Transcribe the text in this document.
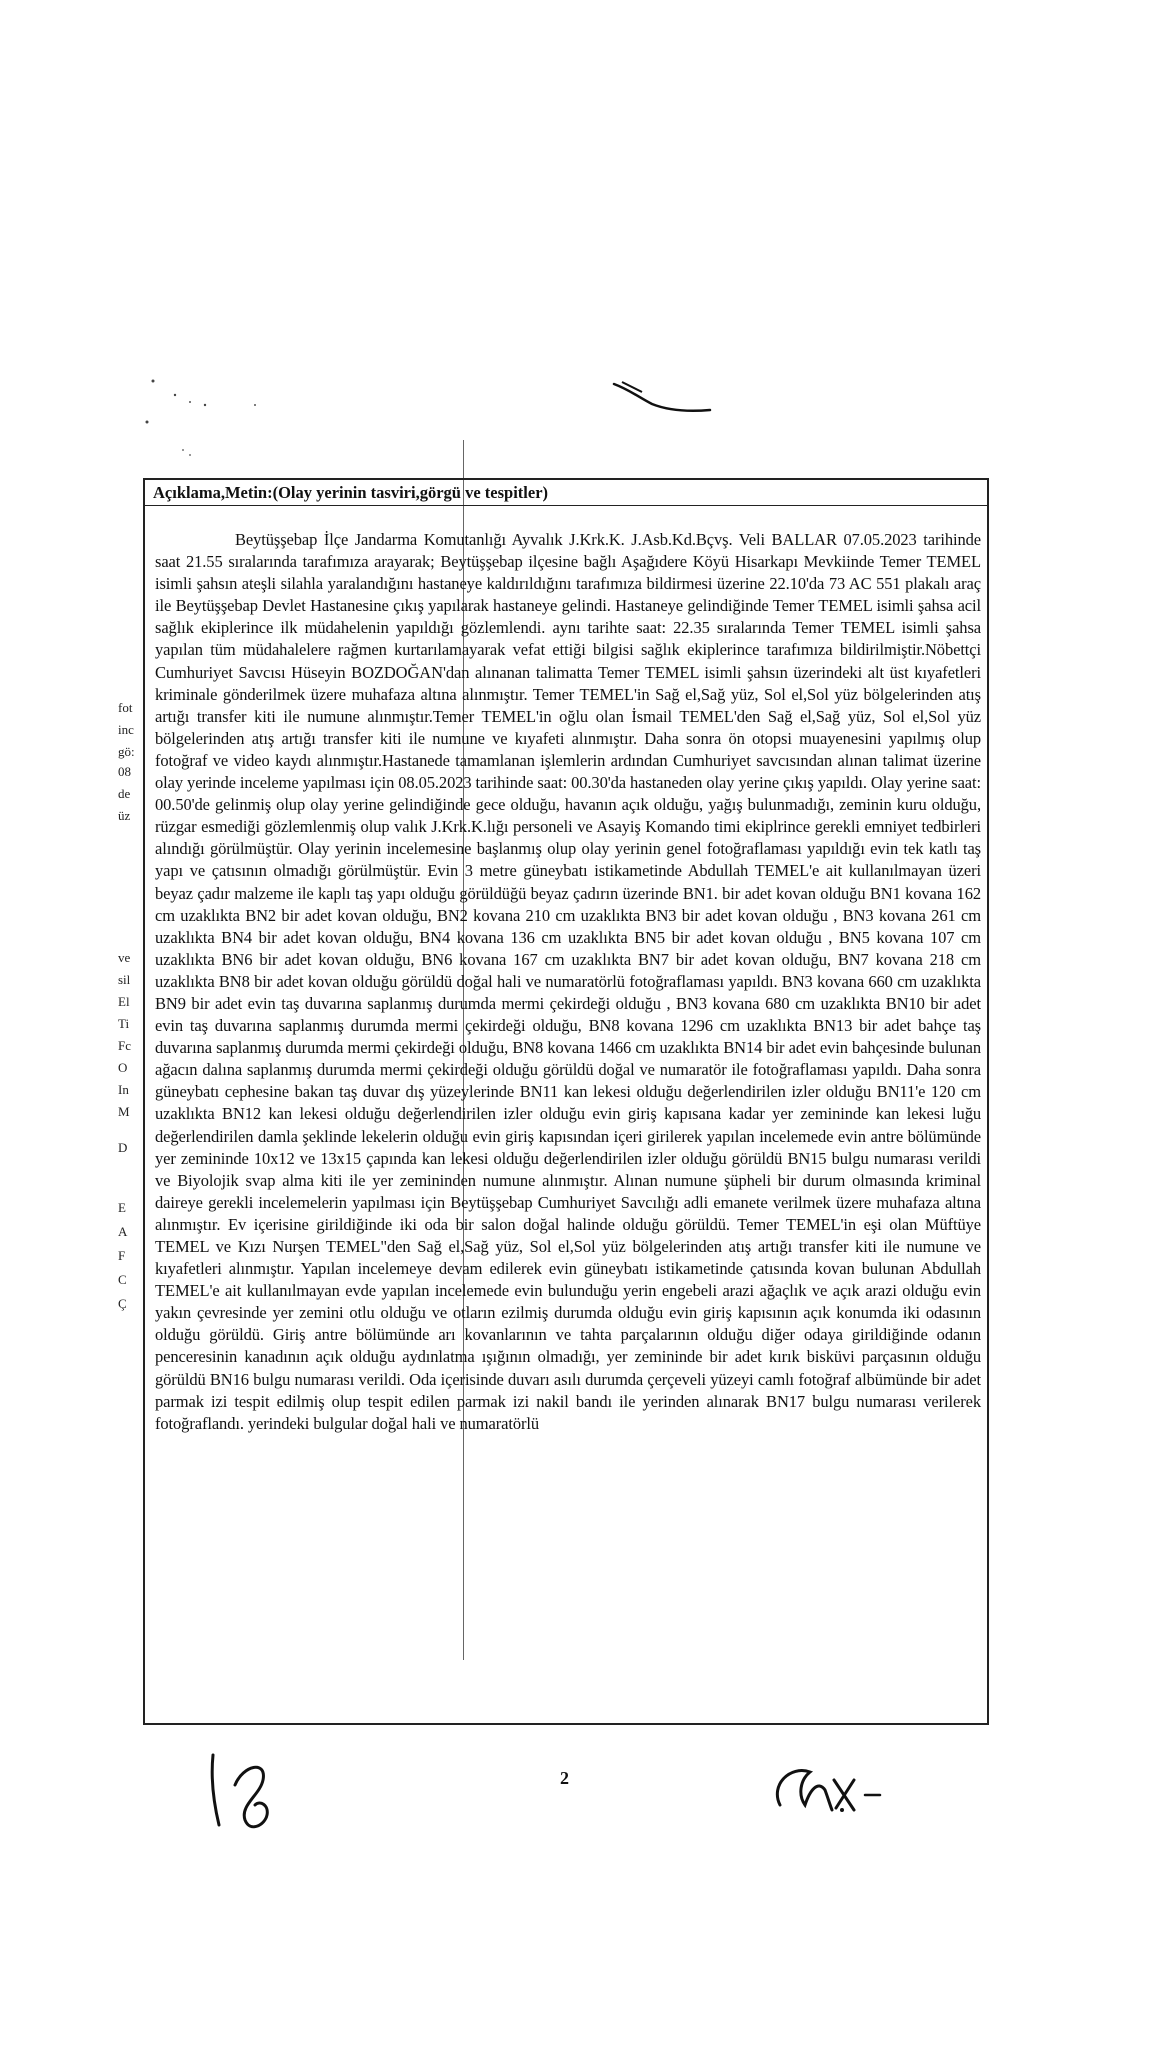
fot
inc
gö:
08
de
üz
ve
sil
El
Ti
Fc
O
In
M
D
E
A
F
C
Ç
Açıklama,Metin:(Olay yerinin tasviri,görgü ve tespitler)
Beytüşşebap İlçe Jandarma Komutanlığı Ayvalık J.Krk.K. J.Asb.Kd.Bçvş. Veli BALLAR 07.05.2023 tarihinde saat 21.55 sıralarında tarafımıza arayarak; Beytüşşebap ilçesine bağlı Aşağıdere Köyü Hisarkapı Mevkiinde Temer TEMEL isimli şahsın ateşli silahla yaralandığını hastaneye kaldırıldığını tarafımıza bildirmesi üzerine 22.10'da 73 AC 551 plakalı araç ile Beytüşşebap Devlet Hastanesine çıkış yapılarak hastaneye gelindi. Hastaneye gelindiğinde Temer TEMEL isimli şahsa acil sağlık ekiplerince ilk müdahelenin yapıldığı gözlemlendi. aynı tarihte saat: 22.35 sıralarında Temer TEMEL isimli şahsa yapılan tüm müdahalelere rağmen kurtarılamayarak vefat ettiği bilgisi sağlık ekiplerince tarafımıza bildirilmiştir.Nöbettçi Cumhuriyet Savcısı Hüseyin BOZDOĞAN'dan alınanan talimatta Temer TEMEL isimli şahsın üzerindeki alt üst kıyafetleri kriminale gönderilmek üzere muhafaza altına alınmıştır. Temer TEMEL'in Sağ el,Sağ yüz, Sol el,Sol yüz bölgelerinden atış artığı transfer kiti ile numune alınmıştır.Temer TEMEL'in oğlu olan İsmail TEMEL'den Sağ el,Sağ yüz, Sol el,Sol yüz bölgelerinden atış artığı transfer kiti ile numune ve kıyafeti alınmıştır. Daha sonra ön otopsi muayenesini yapılmış olup fotoğraf ve video kaydı alınmıştır.Hastanede tamamlanan işlemlerin ardından Cumhuriyet savcısından alınan talimat üzerine olay yerinde inceleme yapılması için 08.05.2023 tarihinde saat: 00.30'da hastaneden olay yerine çıkış yapıldı. Olay yerine saat: 00.50'de gelinmiş olup olay yerine gelindiğinde gece olduğu, havanın açık olduğu, yağış bulunmadığı, zeminin kuru olduğu, rüzgar esmediği gözlemlenmiş olup valık J.Krk.K.lığı personeli ve Asayiş Komando timi ekiplrince gerekli emniyet tedbirleri alındığı görülmüştür. Olay yerinin incelemesine başlanmış olup olay yerinin genel fotoğraflaması yapıldığı evin tek katlı taş yapı ve çatısının olmadığı görülmüştür. Evin 3 metre güneybatı istikametinde Abdullah TEMEL'e ait kullanılmayan üzeri beyaz çadır malzeme ile kaplı taş yapı olduğu görüldüğü beyaz çadırın üzerinde BN1. bir adet kovan olduğu BN1 kovana 162 cm uzaklıkta BN2 bir adet kovan olduğu, BN2 kovana 210 cm uzaklıkta BN3 bir adet kovan olduğu , BN3 kovana 261 cm uzaklıkta BN4 bir adet kovan olduğu, BN4 kovana 136 cm uzaklıkta BN5 bir adet kovan olduğu , BN5 kovana 107 cm uzaklıkta BN6 bir adet kovan olduğu, BN6 kovana 167 cm uzaklıkta BN7 bir adet kovan olduğu, BN7 kovana 218 cm uzaklıkta BN8 bir adet kovan olduğu görüldü doğal hali ve numaratörlü fotoğraflaması yapıldı. BN3 kovana 660 cm uzaklıkta BN9 bir adet evin taş duvarına saplanmış durumda mermi çekirdeği olduğu , BN3 kovana 680 cm uzaklıkta BN10 bir adet evin taş duvarına saplanmış durumda mermi çekirdeği olduğu, BN8 kovana 1296 cm uzaklıkta BN13 bir adet bahçe taş duvarına saplanmış durumda mermi çekirdeği olduğu, BN8 kovana 1466 cm uzaklıkta BN14 bir adet evin bahçesinde bulunan ağacın dalına saplanmış durumda mermi çekirdeği olduğu görüldü doğal ve numaratör ile fotoğraflaması yapıldı. Daha sonra güneybatı cephesine bakan taş duvar dış yüzeylerinde BN11 kan lekesi olduğu değerlendirilen izler olduğu BN11'e 120 cm uzaklıkta BN12 kan lekesi olduğu değerlendirilen izler olduğu evin giriş kapısana kadar yer zemininde kan lekesi luğu değerlendirilen damla şeklinde lekelerin olduğu evin giriş kapısından içeri girilerek yapılan incelemede evin antre bölümünde yer zemininde 10x12 ve 13x15 çapında kan lekesi olduğu değerlendirilen izler olduğu görüldü BN15 bulgu numarası verildi ve Biyolojik svap alma kiti ile yer zemininden numune alınmıştır. Alınan numune şüpheli bir durum olmasında kriminal daireye gerekli incelemelerin yapılması için Beytüşşebap Cumhuriyet Savcılığı adli emanete verilmek üzere muhafaza altına alınmıştır. Ev içerisine girildiğinde iki oda bir salon doğal halinde olduğu görüldü. Temer TEMEL'in eşi olan Müftüye TEMEL ve Kızı Nurşen TEMEL"den Sağ el,Sağ yüz, Sol el,Sol yüz bölgelerinden atış artığı transfer kiti ile numune ve kıyafetleri alınmıştır. Yapılan incelemeye devam edilerek evin güneybatı istikametinde çatısında kovan bulunan Abdullah TEMEL'e ait kullanılmayan evde yapılan incelemede evin bulunduğu yerin engebeli arazi ağaçlık ve açık arazi olduğu evin yakın çevresinde yer zemini otlu olduğu ve otların ezilmiş durumda olduğu evin giriş kapısının açık konumda iki odasının olduğu görüldü. Giriş antre bölümünde arı kovanlarının ve tahta parçalarının olduğu diğer odaya girildiğinde odanın penceresinin kanadının açık olduğu aydınlatma ışığının olmadığı, yer zemininde bir adet kırık bisküvi parçasının olduğu görüldü BN16 bulgu numarası verildi. Oda içerisinde duvarı asılı durumda çerçeveli yüzeyi camlı fotoğraf albümünde bir adet parmak izi tespit edilmiş olup tespit edilen parmak izi nakil bandı ile yerinden alınarak BN17 bulgu numarası verilerek fotoğraflandı. yerindeki bulgular doğal hali ve numaratörlü
2
